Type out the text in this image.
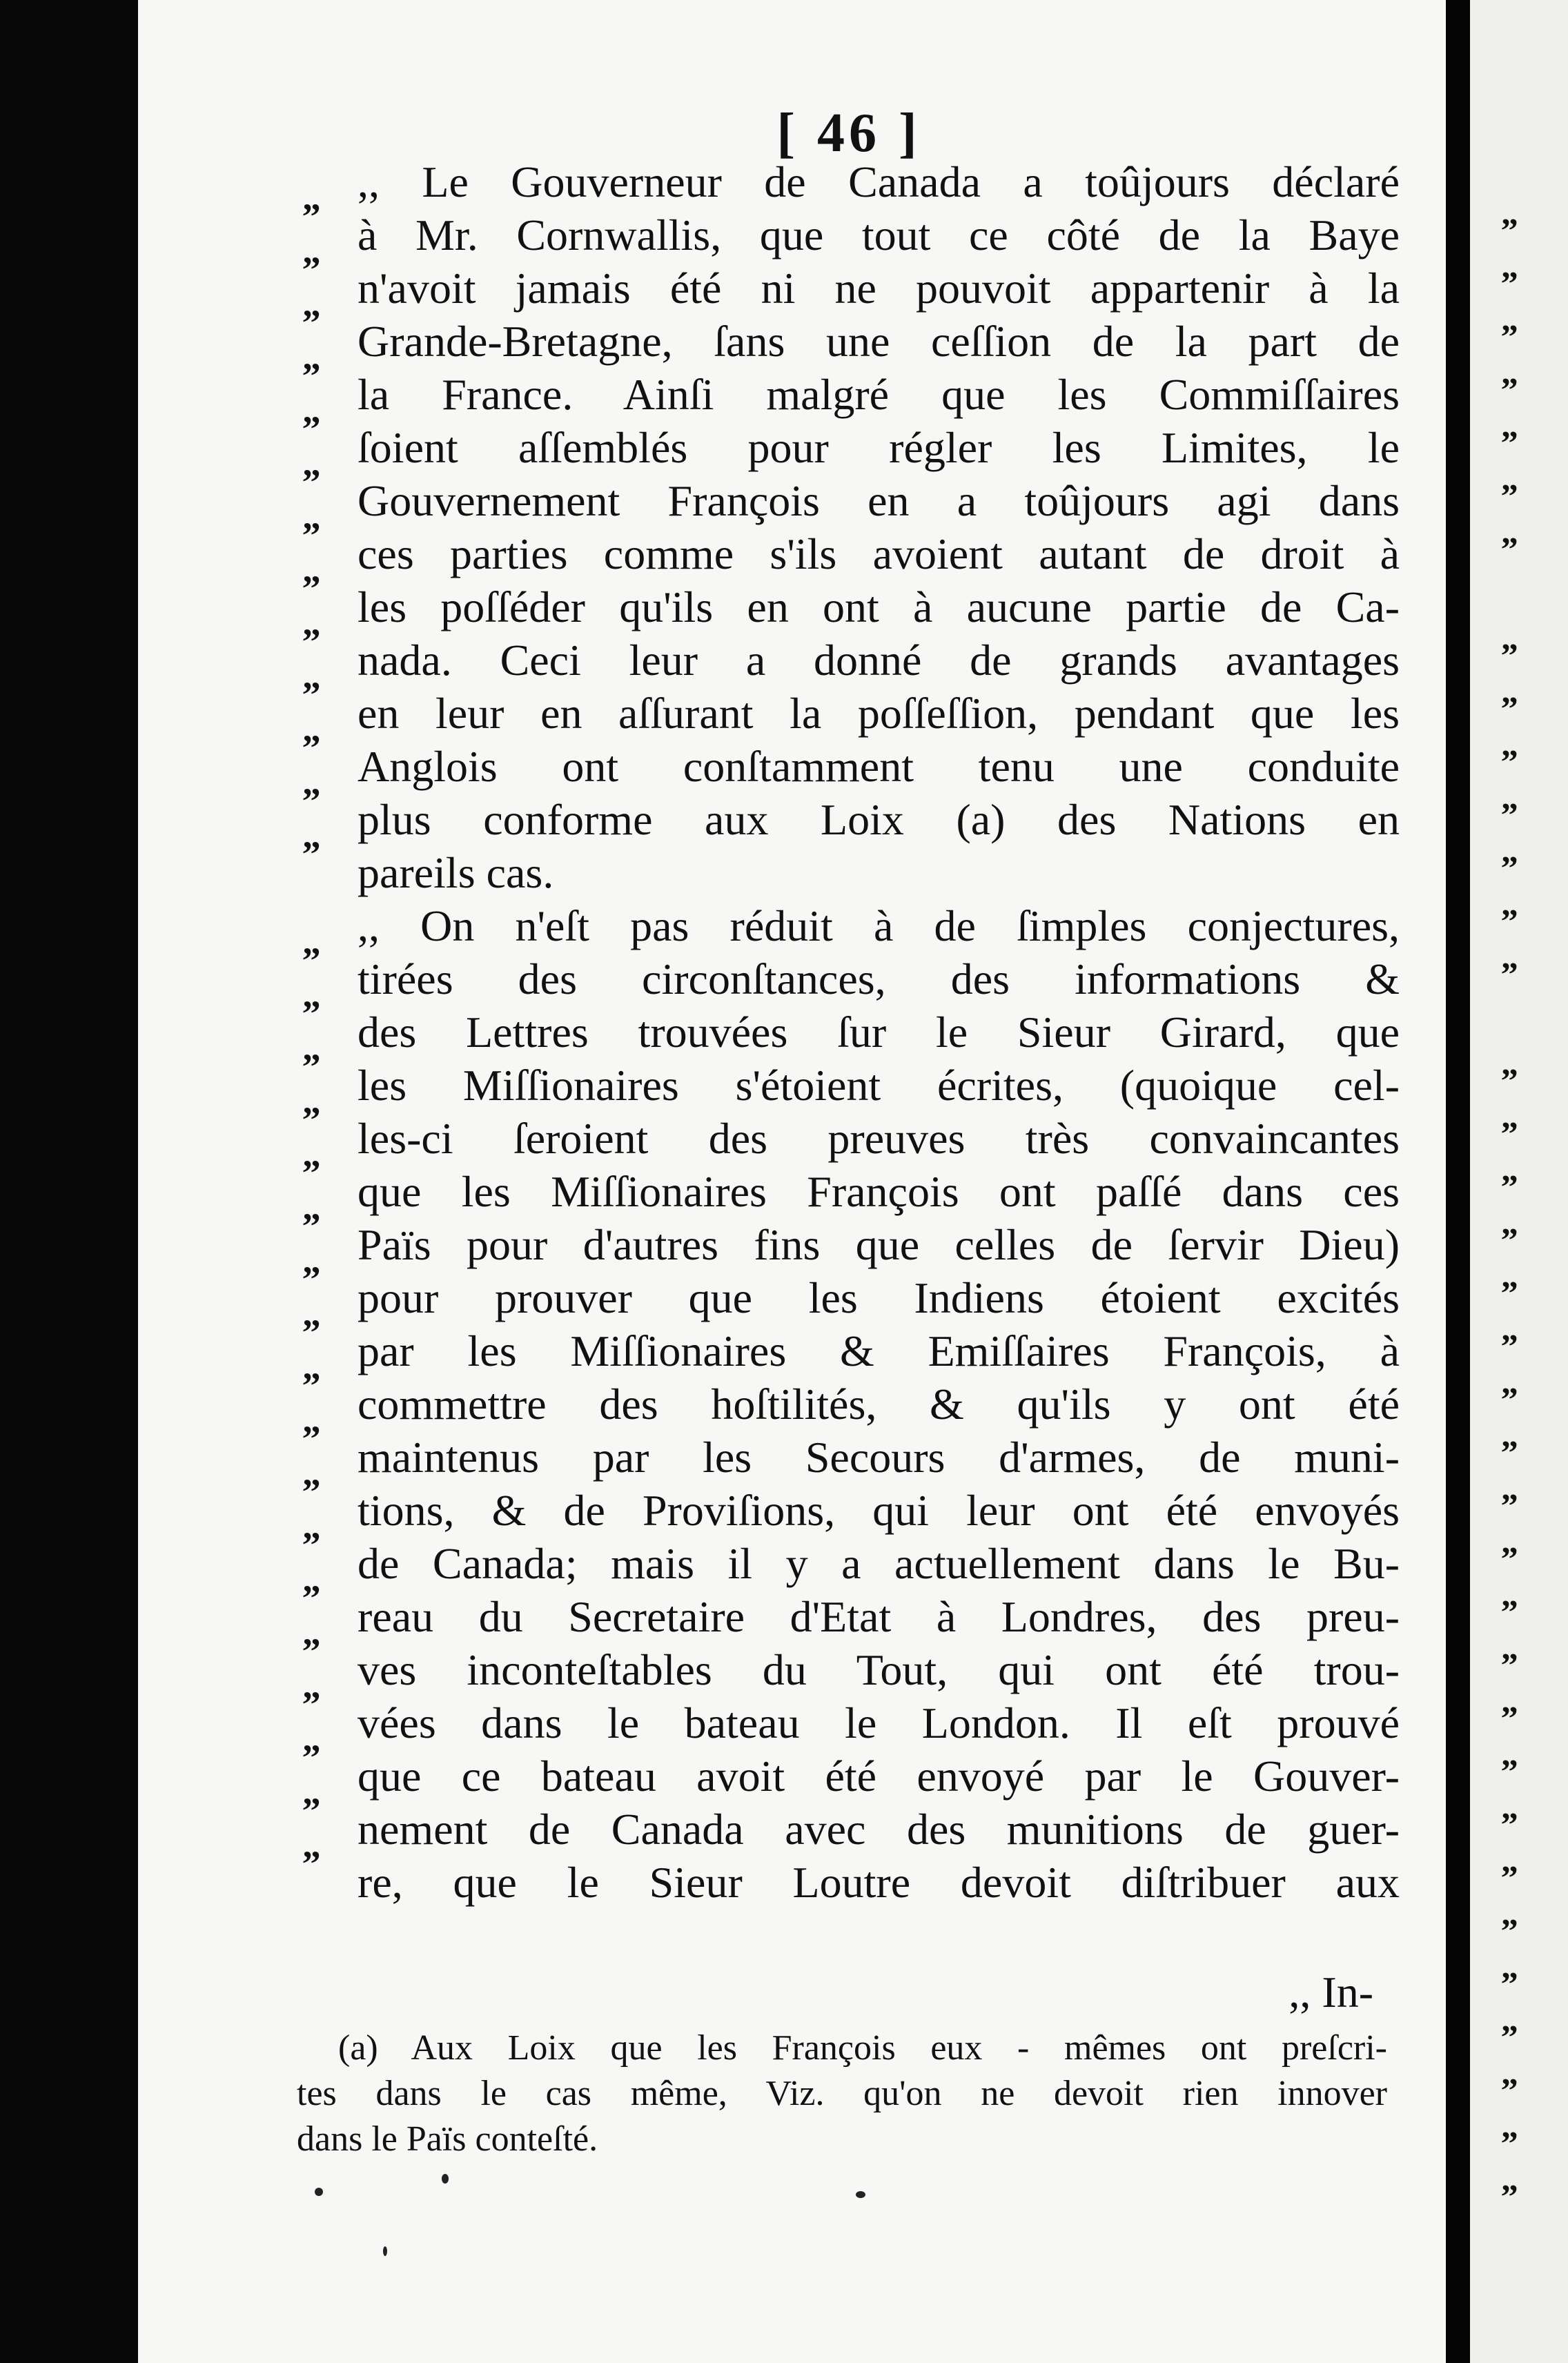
[ 46 ]
„
„
„
„
„
„
„
„
„
„
„
„
„
„
„
„
„
„
„
„
„
„
„
„
„
„
„
„
„
„
„
,, Le Gouverneur de Canada a toûjours déclaré
à Mr. Cornwallis, que tout ce côté de la Baye
n'avoit jamais été ni ne pouvoit appartenir à la
Grande-Bretagne, ſans une ceſſion de la part de
la France. Ainſi malgré que les Commiſſaires
ſoient aſſemblés pour régler les Limites, le
Gouvernement François en a toûjours agi dans
ces parties comme s'ils avoient autant de droit à
les poſſéder qu'ils en ont à aucune partie de Ca-
nada. Ceci leur a donné de grands avantages
en leur en aſſurant la poſſeſſion, pendant que les
Anglois ont conſtamment tenu une conduite
plus conforme aux Loix (a) des Nations en
pareils cas.
,, On n'eſt pas réduit à de ſimples conjectures,
tirées des circonſtances, des informations &
des Lettres trouvées ſur le Sieur Girard, que
les Miſſionaires s'étoient écrites, (quoique cel-
les-ci ſeroient des preuves très convaincantes
que les Miſſionaires François ont paſſé dans ces
Païs pour d'autres fins que celles de ſervir Dieu)
pour prouver que les Indiens étoient excités
par les Miſſionaires & Emiſſaires François, à
commettre des hoſtilités, & qu'ils y ont été
maintenus par les Secours d'armes, de muni-
tions, & de Proviſions, qui leur ont été envoyés
de Canada; mais il y a actuellement dans le Bu-
reau du Secretaire d'Etat à Londres, des preu-
ves inconteſtables du Tout, qui ont été trou-
vées dans le bateau le London. Il eſt prouvé
que ce bateau avoit été envoyé par le Gouver-
nement de Canada avec des munitions de guer-
re, que le Sieur Loutre devoit diſtribuer aux
,, In-
(a) Aux Loix que les François eux - mêmes ont preſcri-
tes dans le cas même, Viz. qu'on ne devoit rien innover
dans le Païs conteſté.
„
„
„
„
„
„
„
„
„
„
„
„
„
„
„
„
„
„
„
„
„
„
„
„
„
„
„
„
„
„
„
„
„
„
„
„
